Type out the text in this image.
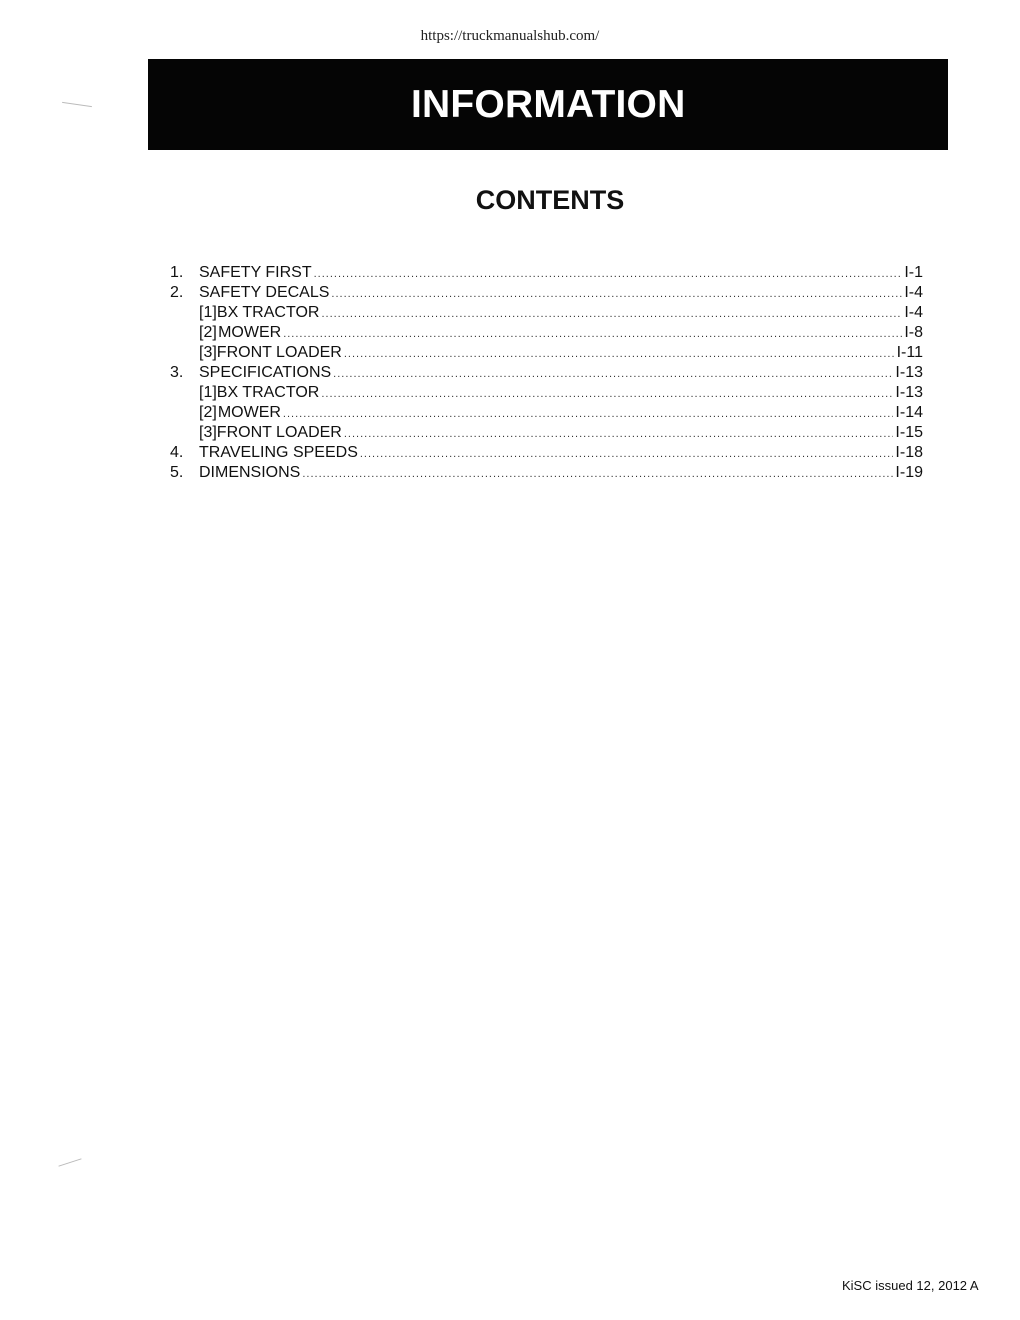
https://truckmanualshub.com/
INFORMATION
CONTENTS
1. SAFETY FIRST .....	I-1
2. SAFETY DECALS .....	I-4
[1] BX TRACTOR .....	I-4
[2] MOWER .....	I-8
[3] FRONT LOADER .....	I-11
3. SPECIFICATIONS .....	I-13
[1] BX TRACTOR .....	I-13
[2] MOWER .....	I-14
[3] FRONT LOADER .....	I-15
4. TRAVELING SPEEDS .....	I-18
5. DIMENSIONS .....	I-19
KiSC issued 12, 2012 A
